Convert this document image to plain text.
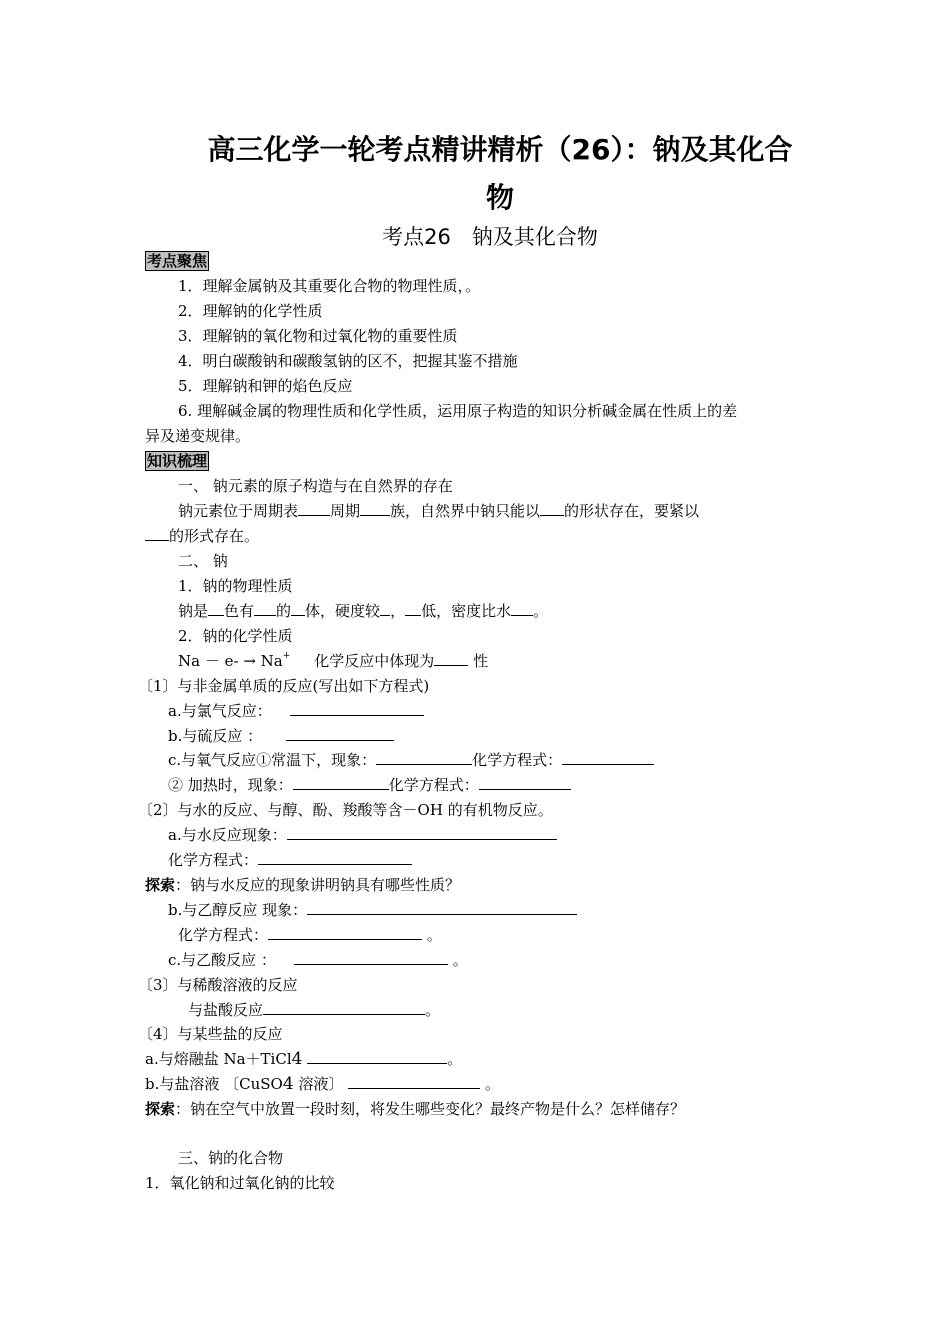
高三化学一轮考点精讲精析（26）：钠及其化合
物
考点26　钠及其化合物
考点聚焦
1．理解金属钠及其重要化合物的物理性质，。
2．理解钠的化学性质
3．理解钠的氧化物和过氧化物的重要性质
4．明白碳酸钠和碳酸氢钠的区不，把握其鉴不措施
5．理解钠和钾的焰色反应
6. 理解碱金属的物理性质和化学性质，运用原子构造的知识分析碱金属在性质上的差
异及递变规律。
知识梳理
一、 钠元素的原子构造与在自然界的存在
钠元素位于周期表 周期 族，自然界中钠只能以 的形状存在，要紧以
的形式存在。
二、 钠
1．钠的物理性质
钠是 色有 的 体，硬度较 ， 低，密度比水 。
2．钠的化学性质
Na － e- → Na+ 化学反应中体现为	性
〔1〕与非金属单质的反应(写出如下方程式)
a.与氯气反应：
b.与硫反应 ：
c.与氧气反应①常温下，现象：	化学方程式：
② 加热时，现象：	化学方程式：
〔2〕与水的反应、与醇、酚、羧酸等含－OH 的有机物反应。
a.与水反应现象：
化学方程式：
探索：钠与水反应的现象讲明钠具有哪些性质？
b.与乙醇反应 现象：
化学方程式：	。
c.与乙酸反应 ：	。
〔3〕与稀酸溶液的反应
与盐酸反应	。
〔4〕与某些盐的反应
a.与熔融盐 Na＋TiCl4	。
b.与盐溶液 〔CuSO4 溶液〕	。
探索：钠在空气中放置一段时刻，将发生哪些变化？最终产物是什么？怎样储存？
三、钠的化合物
1．氧化钠和过氧化钠的比较
